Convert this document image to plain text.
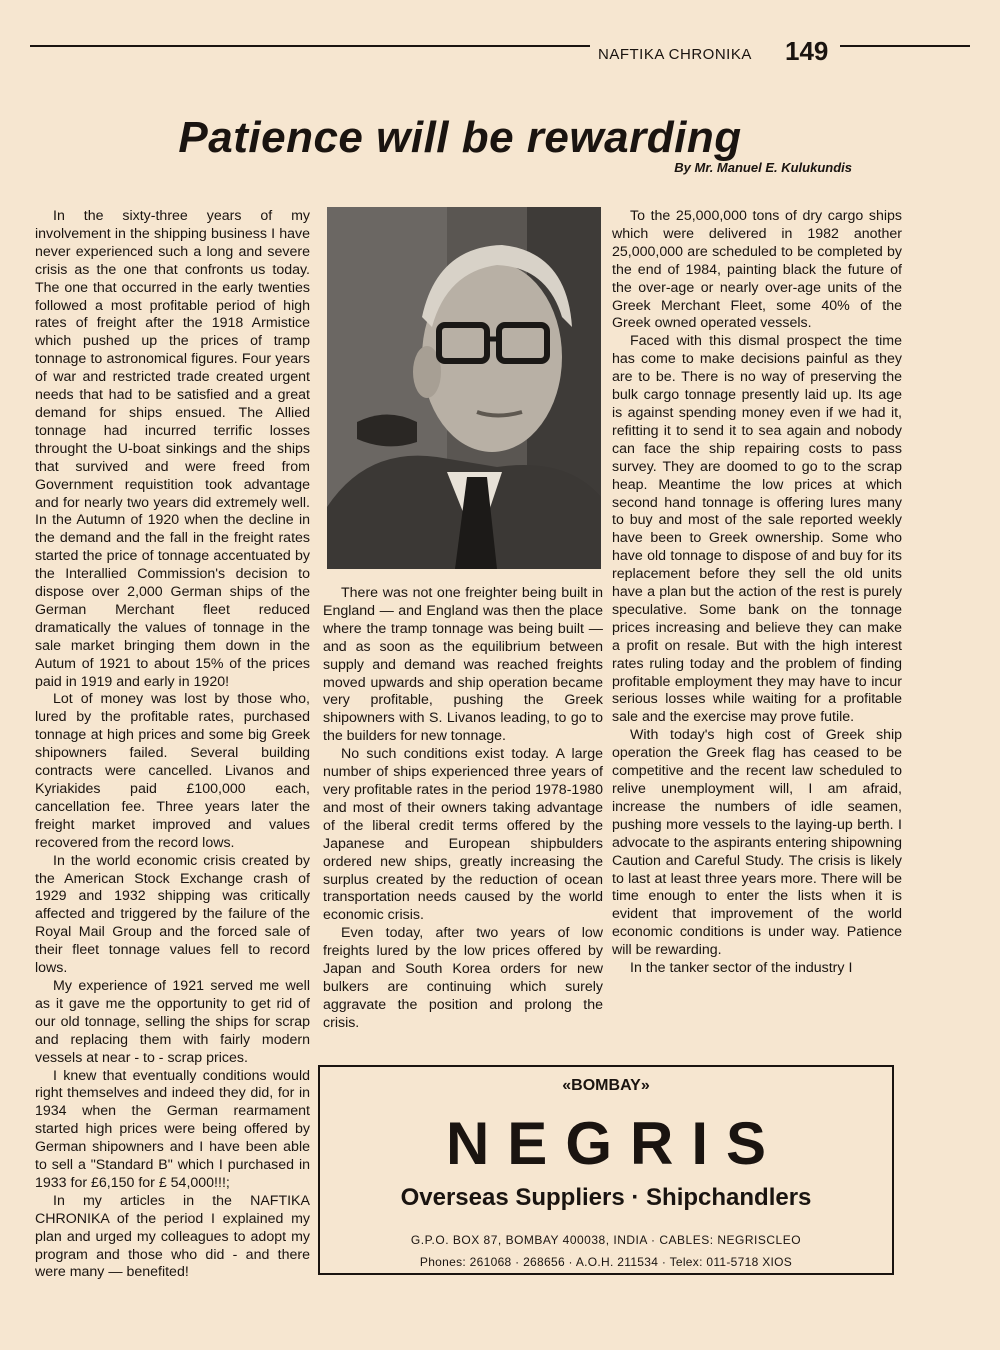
NAFTIKA CHRONIKA 149
Patience will be rewarding
By Mr. Manuel E. Kulukundis

In the sixty-three years of my involvement in the shipping business I have never experienced such a long and severe crisis as the one that confronts us today. The one that occurred in the early twenties followed a most profitable period of high rates of freight after the 1918 Armistice which pushed up the prices of tramp tonnage to astronomical figures. Four years of war and restricted trade created urgent needs that had to be satisfied and a great demand for ships ensued. The Allied tonnage had incurred terrific losses throught the U-boat sinkings and the ships that survived and were freed from Government requistition took advantage and for nearly two years did extremely well. In the Autumn of 1920 when the decline in the demand and the fall in the freight rates started the price of tonnage accentuated by the Interallied Commission's decision to dispose over 2,000 German ships of the German Merchant fleet reduced dramatically the values of tonnage in the sale market bringing them down in the Autum of 1921 to about 15% of the prices paid in 1919 and early in 1920!

Lot of money was lost by those who, lured by the profitable rates, purchased tonnage at high prices and some big Greek shipowners failed. Several building contracts were cancelled. Livanos and Kyriakides paid £100,000 each, cancellation fee. Three years later the freight market improved and values recovered from the record lows.

In the world economic crisis created by the American Stock Exchange crash of 1929 and 1932 shipping was critically affected and triggered by the failure of the Royal Mail Group and the forced sale of their fleet tonnage values fell to record lows.

My experience of 1921 served me well as it gave me the opportunity to get rid of our old tonnage, selling the ships for scrap and replacing them with fairly modern vessels at near - to - scrap prices.

I knew that eventually conditions would right themselves and indeed they did, for in 1934 when the German rearmament started high prices were being offered by German shipowners and I have been able to sell a "Standard B" which I purchased in 1933 for £6,150 for £ 54,000!!!;

In my articles in the NAFTIKA CHRONIKA of the period I explained my plan and urged my colleagues to adopt my program and those who did - and there were many — benefited!

There was not one freighter being built in England — and England was then the place where the tramp tonnage was being built — and as soon as the equilibrium between supply and demand was reached freights moved upwards and ship operation became very profitable, pushing the Greek shipowners with S. Livanos leading, to go to the builders for new tonnage.

No such conditions exist today. A large number of ships experienced three years of very profitable rates in the period 1978-1980 and most of their owners taking advantage of the liberal credit terms offered by the Japanese and European shipbulders ordered new ships, greatly increasing the surplus created by the reduction of ocean transportation needs caused by the world economic crisis.

Even today, after two years of low freights lured by the low prices offered by Japan and South Korea orders for new bulkers are continuing which surely aggravate the position and prolong the crisis.

To the 25,000,000 tons of dry cargo ships which were delivered in 1982 another 25,000,000 are scheduled to be completed by the end of 1984, painting black the future of the over-age or nearly over-age units of the Greek Merchant Fleet, some 40% of the Greek owned operated vessels.

Faced with this dismal prospect the time has come to make decisions painful as they are to be. There is no way of preserving the bulk cargo tonnage presently laid up. Its age is against spending money even if we had it, refitting it to send it to sea again and nobody can face the ship repairing costs to pass survey. They are doomed to go to the scrap heap. Meantime the low prices at which second hand tonnage is offering lures many to buy and most of the sale reported weekly have been to Greek ownership. Some who have old tonnage to dispose of and buy for its replacement before they sell the old units have a plan but the action of the rest is purely speculative. Some bank on the tonnage prices increasing and believe they can make a profit on resale. But with the high interest rates ruling today and the problem of finding profitable employment they may have to incur serious losses while waiting for a profitable sale and the exercise may prove futile.

With today's high cost of Greek ship operation the Greek flag has ceased to be competitive and the recent law scheduled to relive unemployment will, I am afraid, increase the numbers of idle seamen, pushing more vessels to the laying-up berth. I advocate to the aspirants entering shipowning Caution and Careful Study. The crisis is likely to last at least three years more. There will be time enough to enter the lists when it is evident that improvement of the world economic conditions is under way. Patience will be rewarding.

In the tanker sector of the industry I

«BOMBAY»
NEGRIS
Overseas Suppliers · Shipchandlers
G.P.O. BOX 87, BOMBAY 400038, INDIA · CABLES: NEGRISCLEO
Phones: 261068 · 268656 · A.O.H. 211534 · Telex: 011-5718 XIOS
